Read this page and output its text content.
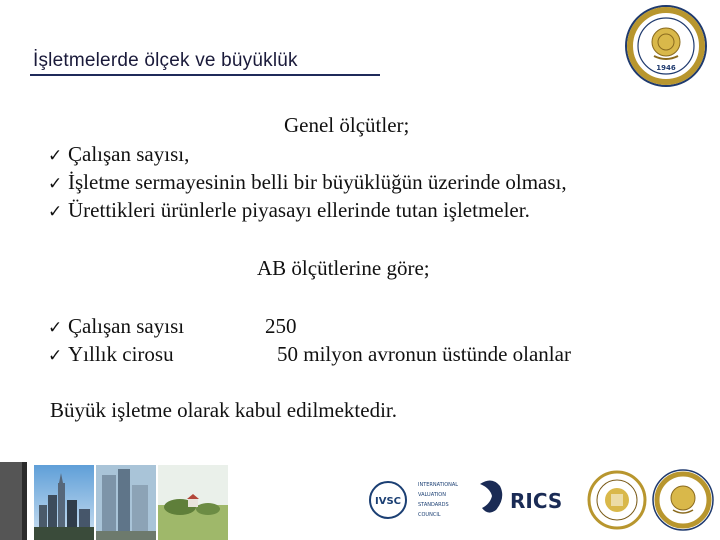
İşletmelerde ölçek ve büyüklük	1946
Genel ölçütler;
✓ Çalışan sayısı,
✓ İşletme sermayesinin belli bir büyüklüğün üzerinde olması,
✓ Ürettikleri ürünlerle piyasayı ellerinde tutan işletmeler.
AB ölçütlerine göre;
✓ Çalışan sayısı	250
✓ Yıllık cirosu	50 milyon avronun üstünde olanlar
Büyük işletme olarak kabul edilmektedir.
IVSC
INTERNATIONAL
VALUATION
STANDARDS
COUNCIL
RICS
